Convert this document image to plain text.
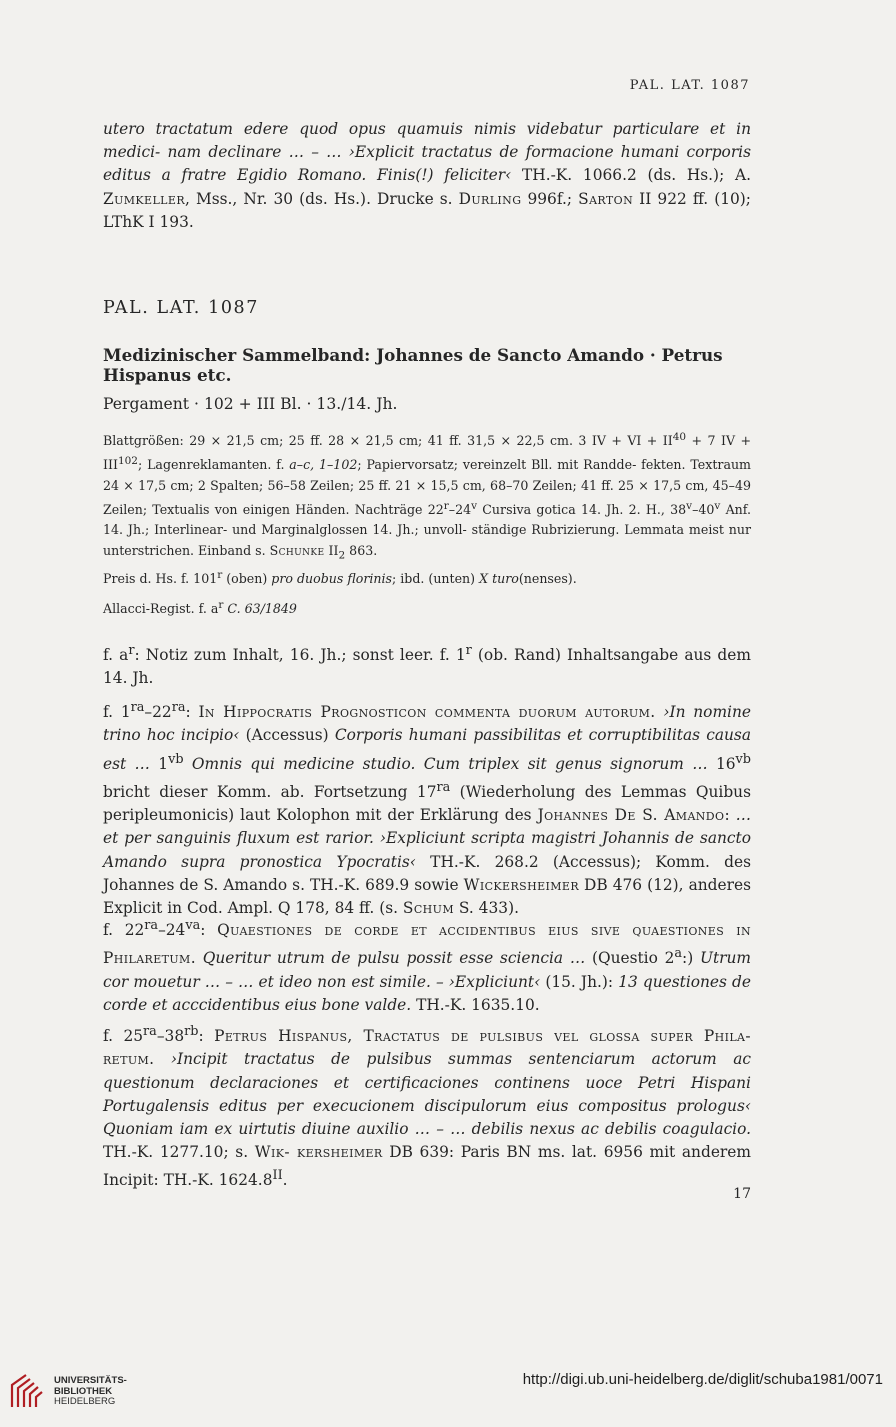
PAL. LAT. 1087
utero tractatum edere quod opus quamuis nimis videbatur particulare et in medici- nam declinare … – … ›Explicit tractatus de formacione humani corporis editus a fratre Egidio Romano. Finis(!) feliciter‹ TH.-K. 1066.2 (ds. Hs.); A. Zumkeller, Mss., Nr. 30 (ds. Hs.). Drucke s. Durling 996f.; Sarton II 922 ff. (10); LThK I 193.
PAL. LAT. 1087
Medizinischer Sammelband: Johannes de Sancto Amando · Petrus Hispanus etc.
Pergament · 102 + III Bl. · 13./14. Jh.
Blattgrößen: 29 × 21,5 cm; 25 ff. 28 × 21,5 cm; 41 ff. 31,5 × 22,5 cm. 3 IV + VI + $II^{40} + 7$ IV + $III^{102}$; Lagenreklamanten. f. a–c, 1–102; Papiervorsatz; vereinzelt Bll. mit Randde- fekten. Textraum 24 × 17,5 cm; 2 Spalten; 56–58 Zeilen; 25 ff. 21 × 15,5 cm, 68–70 Zeilen; 41 ff. 25 × 17,5 cm, 45–49 Zeilen; Textualis von einigen Händen. Nachträge 22$^r$–24$^v$ Cursiva gotica 14. Jh. 2. H., 38$^v$–40$^v$ Anf. 14. Jh.; Interlinear- und Marginalglossen 14. Jh.; unvoll- ständige Rubrizierung. Lemmata meist nur unterstrichen. Einband s. Schunke $II_2$ 863.
Preis d. Hs. f. 101$^r$ (oben) pro duobus florinis; ibd. (unten) X turo(nenses).
Allacci-Regist. f. $a^r$ C. 63/1849
f. $a^r$: Notiz zum Inhalt, 16. Jh.; sonst leer. f. 1$^r$ (ob. Rand) Inhaltsangabe aus dem 14. Jh.
f. $1^{ra}-22^{ra}$: In Hippocratis Prognosticon commenta duorum autorum. ›In nomine trino hoc incipio‹ (Accessus) Corporis humani passibilitas et corruptibilitas causa est … $1^{vb}$ Omnis qui medicine studio. Cum triplex sit genus signorum … $16^{vb}$ bricht dieser Komm. ab. Fortsetzung $17^{ra}$ (Wiederholung des Lemmas Quibus peripleumonicis) laut Kolophon mit der Erklärung des Johannes De S. Amando: … et per sanguinis fluxum est rarior. ›Expliciunt scripta magistri Johannis de sancto Amando supra pronostica Ypocratis‹ TH.-K. 268.2 (Accessus); Komm. des Johannes de S. Amando s. TH.-K. 689.9 sowie Wickersheimer DB 476 (12), anderes Explicit in Cod. Ampl. Q 178, 84 ff. (s. Schum S. 433).
f. $22^{ra}-24^{va}$: Quaestiones de corde et accidentibus eius sive quaestiones in Philaretum. Queritur utrum de pulsu possit esse sciencia … (Questio 2$^a$:) Utrum cor mouetur … – … et ideo non est simile. – ›Expliciunt‹ (15. Jh.): 13 questiones de corde et acccidentibus eius bone valde. TH.-K. 1635.10.
f. $25^{ra}-38^{rb}$: Petrus Hispanus, Tractatus de pulsibus vel glossa super Phila- retum. ›Incipit tractatus de pulsibus summas sentenciarum actorum ac questionum declaraciones et certificaciones continens uoce Petri Hispani Portugalensis editus per execucionem discipulorum eius compositus prologus‹ Quoniam iam ex uirtutis diuine auxilio … – … debilis nexus ac debilis coagulacio. TH.-K. 1277.10; s. Wik- kersheimer DB 639: Paris BN ms. lat. 6956 mit anderem Incipit: TH.-K. $1624.8^{II}$.
17
UNIVERSITÄTS-
BIBLIOTHEK
HEIDELBERG
http://digi.ub.uni-heidelberg.de/diglit/schuba1981/0071
